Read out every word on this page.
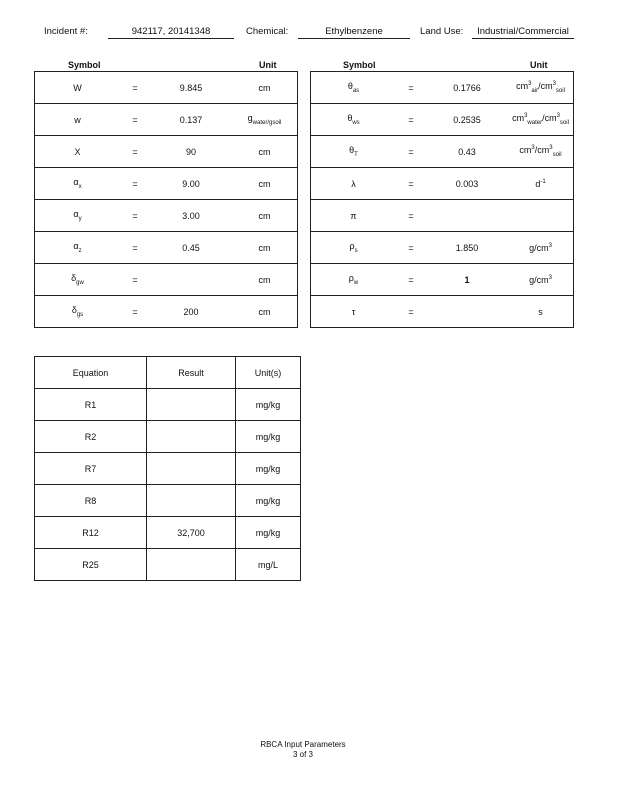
Incident #:	942117, 20141348	Chemical:	Ethylbenzene	Land Use:	Industrial/Commercial
Symbol	Unit	Symbol	Unit
W	=	9.845	cm
w	=	0.137	$g_{water/gsoil}$
X	=	90	cm
$\alpha_x$	=	9.00	cm
$\alpha_y$	=	3.00	cm
$\alpha_z$	=	0.45	cm
$\delta_{gw}$	=		cm
$\delta_{gs}$	=	200	cm
$\theta_{as}$	=	0.1766	$cm^3_{air}/cm^3_{soil}$
$\theta_{ws}$	=	0.2535	$cm^3_{water}/cm^3_{soil}$
$\theta_T$	=	0.43	$cm^3/cm^3_{soil}$
λ	=	0.003	$d^{-1}$
π	=		
$\rho_s$	=	1.850	$g/cm^3$
$\rho_w$	=	1	$g/cm^3$
τ	=		s
Equation	Result	Unit(s)
R1		mg/kg
R2		mg/kg
R7		mg/kg
R8		mg/kg
R12	32,700	mg/kg
R25		mg/L
RBCA Input Parameters
3 of 3
